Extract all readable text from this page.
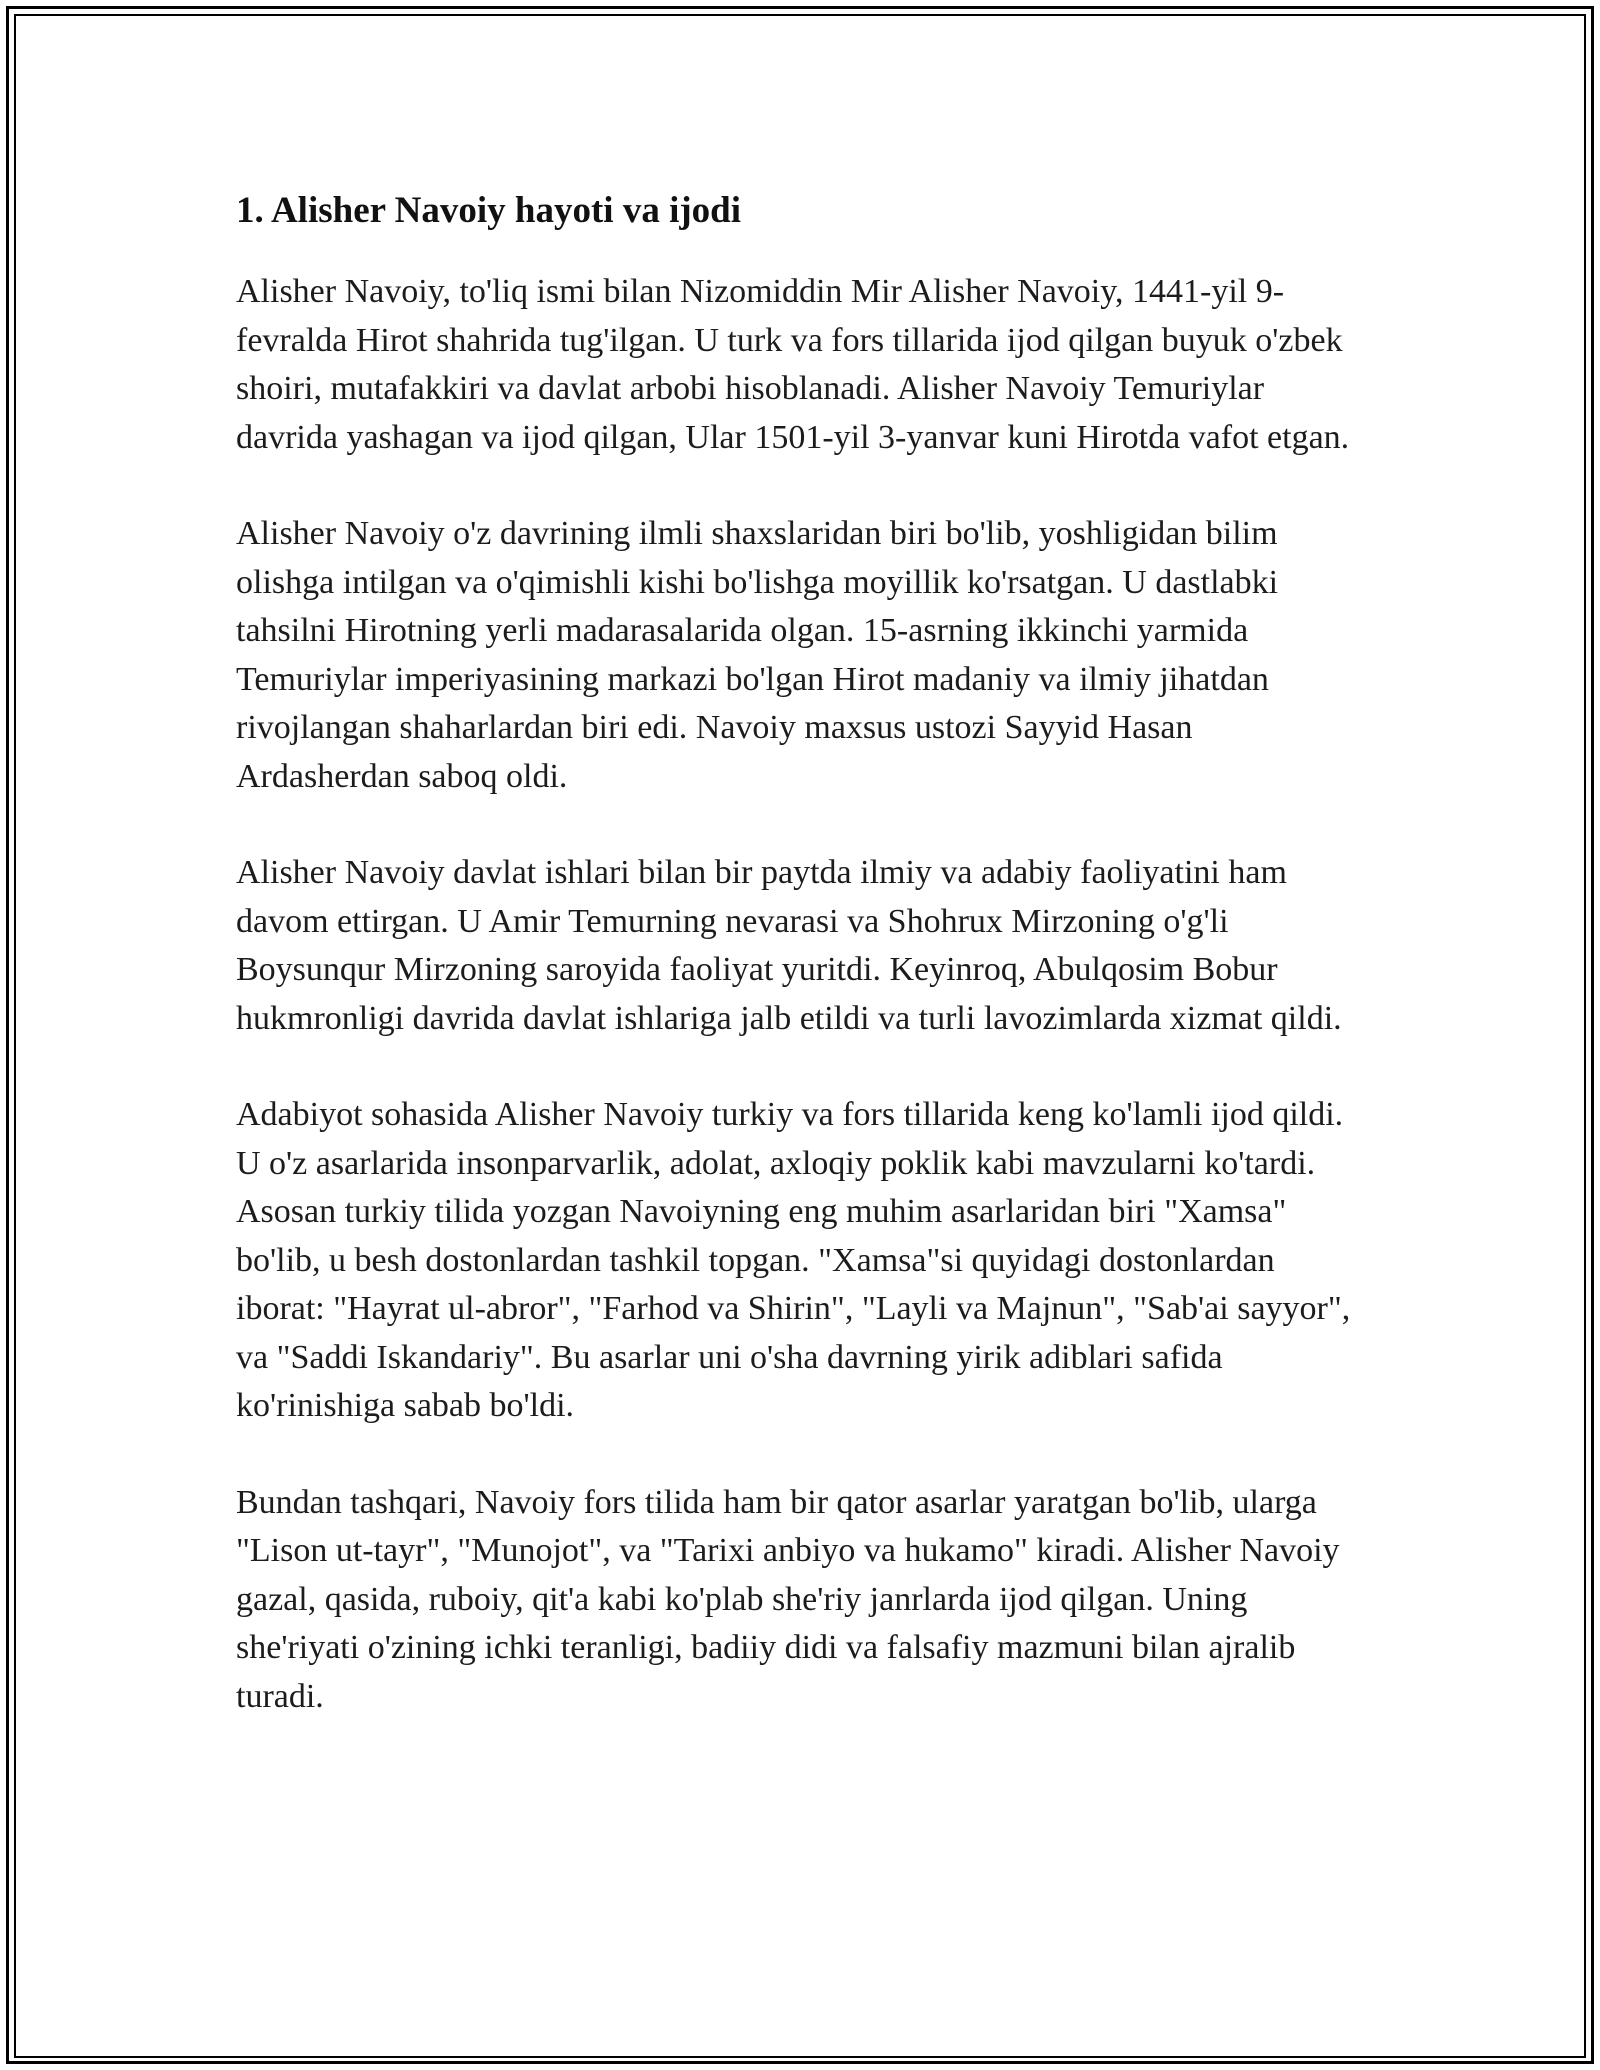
1. Alisher Navoiy hayoti va ijodi

Alisher Navoiy, to'liq ismi bilan Nizomiddin Mir Alisher Navoiy, 1441-yil 9-fevralda Hirot shahrida tug'ilgan. U turk va fors tillarida ijod qilgan buyuk o'zbek shoiri, mutafakkiri va davlat arbobi hisoblanadi. Alisher Navoiy Temuriylar davrida yashagan va ijod qilgan, Ular 1501-yil 3-yanvar kuni Hirotda vafot etgan.

Alisher Navoiy o'z davrining ilmli shaxslaridan biri bo'lib, yoshligidan bilim olishga intilgan va o'qimishli kishi bo'lishga moyillik ko'rsatgan. U dastlabki tahsilni Hirotning yerli madarasalarida olgan. 15-asrning ikkinchi yarmida Temuriylar imperiyasining markazi bo'lgan Hirot madaniy va ilmiy jihatdan rivojlangan shaharlardan biri edi. Navoiy maxsus ustozi Sayyid Hasan Ardasherdan saboq oldi.

Alisher Navoiy davlat ishlari bilan bir paytda ilmiy va adabiy faoliyatini ham davom ettirgan. U Amir Temurning nevarasi va Shohrux Mirzoning o'g'li Boysunqur Mirzoning saroyida faoliyat yuritdi. Keyinroq, Abulqosim Bobur hukmronligi davrida davlat ishlariga jalb etildi va turli lavozimlarda xizmat qildi.

Adabiyot sohasida Alisher Navoiy turkiy va fors tillarida keng ko'lamli ijod qildi. U o'z asarlarida insonparvarlik, adolat, axloqiy poklik kabi mavzularni ko'tardi. Asosan turkiy tilida yozgan Navoiyning eng muhim asarlaridan biri "Xamsa" bo'lib, u besh dostonlardan tashkil topgan. "Xamsa"si quyidagi dostonlardan iborat: "Hayrat ul-abror", "Farhod va Shirin", "Layli va Majnun", "Sab'ai sayyor", va "Saddi Iskandariy". Bu asarlar uni o'sha davrning yirik adiblari safida ko'rinishiga sabab bo'ldi.

Bundan tashqari, Navoiy fors tilida ham bir qator asarlar yaratgan bo'lib, ularga "Lison ut-tayr", "Munojot", va "Tarixi anbiyo va hukamo" kiradi. Alisher Navoiy gazal, qasida, ruboiy, qit'a kabi ko'plab she'riy janrlarda ijod qilgan. Uning she'riyati o'zining ichki teranligi, badiiy didi va falsafiy mazmuni bilan ajralib turadi.
